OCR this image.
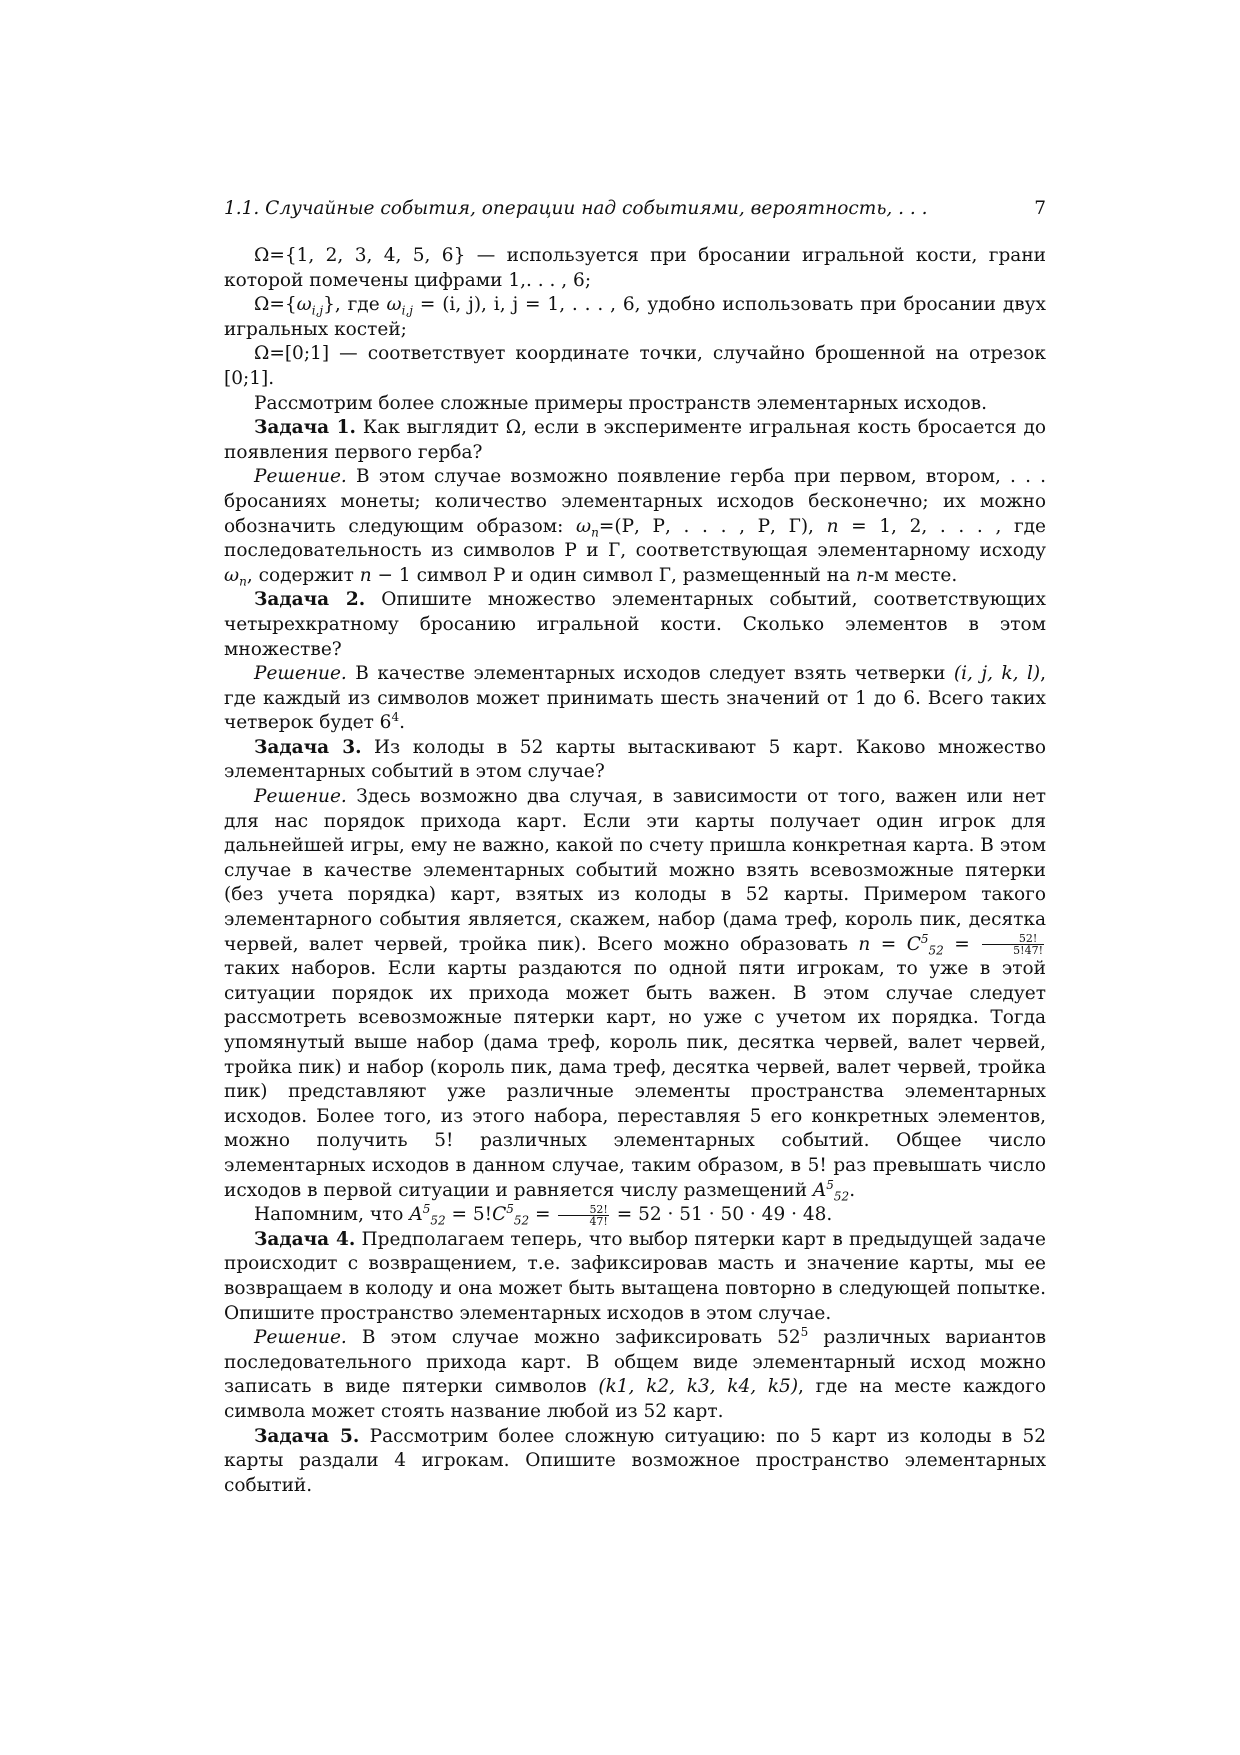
1.1. Случайные события, операции над событиями, вероятность, . . .	7

Ω={1, 2, 3, 4, 5, 6} — используется при бросании игральной кости, грани которой помечены цифрами 1,. . . , 6;

$\Omega=\{\omega_{i,j}\}$, где $\omega_{i,j} = (i$, j), i, j = 1, . . . , 6, удобно использовать при бросании двух игральных костей;

Ω=[0;1] — соответствует координате точки, случайно брошенной на отрезок [0;1].

Рассмотрим более сложные примеры пространств элементарных исходов.

Задача 1. Как выглядит Ω, если в эксперименте игральная кость бросается до появления первого герба?

Решение. В этом случае возможно появление герба при первом, втором, . . . бросаниях монеты; количество элементарных исходов бесконечно; их можно обозначить следующим образом: $\omega_n=(Р$, Р, . . . , Р, Г), n = 1, 2, . . . , где последовательность из символов Р и Г, соответствующая элементарному исходу $\omega_n$, содержит n − 1 символ Р и один символ Г, размещенный на n-м месте.

Задача 2. Опишите множество элементарных событий, соответствующих четырехкратному бросанию игральной кости. Сколько элементов в этом множестве?

Решение. В качестве элементарных исходов следует взять четверки (i, j, k, l), где каждый из символов может принимать шесть значений от 1 до 6. Всего таких четверок будет $6^4$.

Задача 3. Из колоды в 52 карты вытаскивают 5 карт. Каково множество элементарных событий в этом случае?

Решение. Здесь возможно два случая, в зависимости от того, важен или нет для нас порядок прихода карт. Если эти карты получает один игрок для дальнейшей игры, ему не важно, какой по счету пришла конкретная карта. В этом случае в качестве элементарных событий можно взять всевозможные пятерки (без учета порядка) карт, взятых из колоды в 52 карты. Примером такого элементарного события является, скажем, набор (дама треф, король пик, десятка червей, валет червей, тройка пик). Всего можно образовать $n = C^5_{52} = \frac{52!}{5!47!}$
таких наборов. Если карты раздаются по одной пяти игрокам, то уже в этой ситуации порядок их прихода может быть важен. В этом случае следует рассмотреть всевозможные пятерки карт, но уже с учетом их порядка. Тогда упомянутый выше набор (дама треф, король пик, десятка червей, валет червей, тройка пик) и набор (король пик, дама треф, десятка червей, валет червей, тройка пик) представляют уже различные элементы пространства элементарных исходов. Более того, из этого набора, переставляя 5 его конкретных элементов, можно получить 5! различных элементарных событий. Общее число элементарных исходов в данном случае, таким образом, в 5! раз превышать число исходов в первой ситуации и равняется числу размещений $A^5_{52}$.

Напомним, что $A^5_{52} = 5!C^5_{52} = \frac{52!}{47!} = 52 \cdot 51 \cdot 50 \cdot 49 \cdot 48$.

Задача 4. Предполагаем теперь, что выбор пятерки карт в предыдущей задаче происходит с возвращением, т.е. зафиксировав масть и значение карты, мы ее возвращаем в колоду и она может быть вытащена повторно в следующей попытке. Опишите пространство элементарных исходов в этом случае.

Решение. В этом случае можно зафиксировать $52^5$ различных вариантов последовательного прихода карт. В общем виде элементарный исход можно записать в виде пятерки символов (k1, k2, k3, k4, k5), где на месте каждого символа может стоять название любой из 52 карт.

Задача 5. Рассмотрим более сложную ситуацию: по 5 карт из колоды в 52 карты раздали 4 игрокам. Опишите возможное пространство элементарных событий.
